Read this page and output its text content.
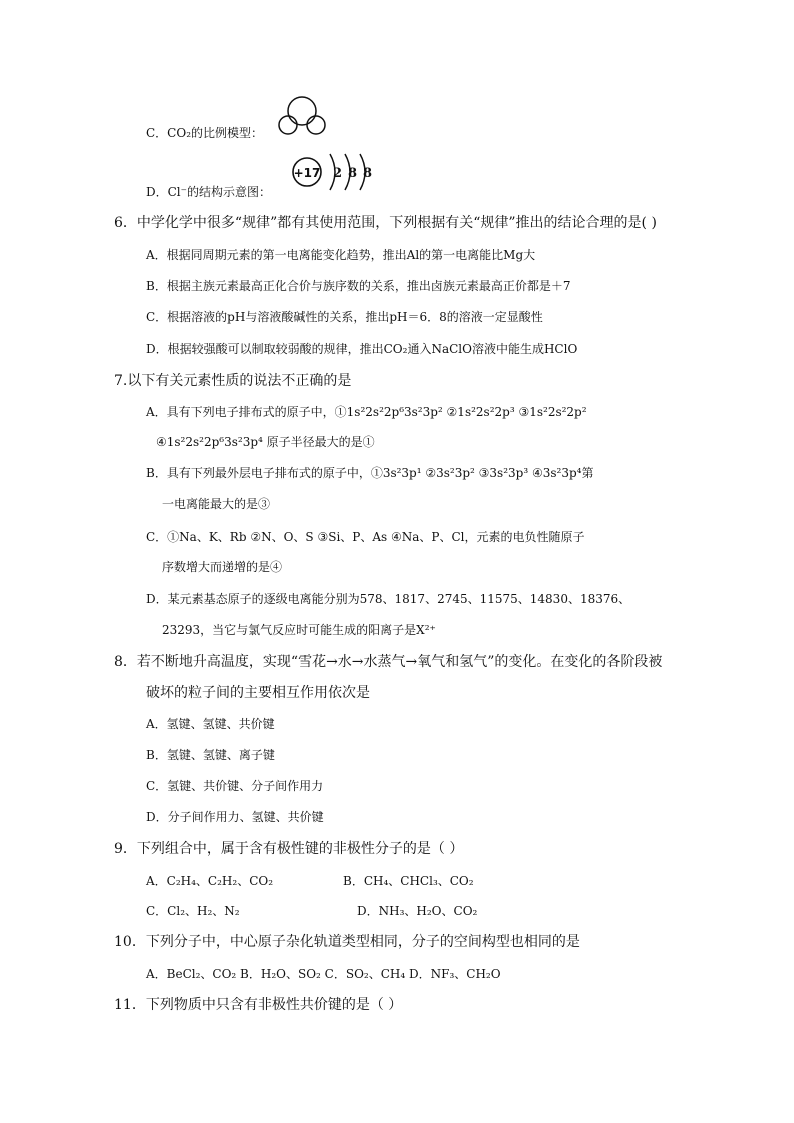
C．CO₂的比例模型：
D．Cl⁻的结构示意图：
+17 2 8 8
6．中学化学中很多“规律”都有其使用范围，下列根据有关“规律”推出的结论合理的是( )
A．根据同周期元素的第一电离能变化趋势，推出Al的第一电离能比Mg大
B．根据主族元素最高正化合价与族序数的关系，推出卤族元素最高正价都是＋7
C．根据溶液的pH与溶液酸碱性的关系，推出pH＝6．8的溶液一定显酸性
D．根据较强酸可以制取较弱酸的规律，推出CO₂通入NaClO溶液中能生成HClO
7.以下有关元素性质的说法不正确的是
A．具有下列电子排布式的原子中，①1s²2s²2p⁶3s²3p² ②1s²2s²2p³ ③1s²2s²2p²
④1s²2s²2p⁶3s²3p⁴ 原子半径最大的是①
B．具有下列最外层电子排布式的原子中，①3s²3p¹ ②3s²3p² ③3s²3p³ ④3s²3p⁴第
一电离能最大的是③
C．①Na、K、Rb ②N、O、S ③Si、P、As ④Na、P、Cl，元素的电负性随原子
序数增大而递增的是④
D．某元素基态原子的逐级电离能分别为578、1817、2745、11575、14830、18376、
23293，当它与氯气反应时可能生成的阳离子是X²⁺
8．若不断地升高温度，实现“雪花→水→水蒸气→氧气和氢气”的变化。在变化的各阶段被
破坏的粒子间的主要相互作用依次是
A．氢键、氢键、共价键
B．氢键、氢键、离子键
C．氢键、共价键、分子间作用力
D．分子间作用力、氢键、共价键
9．下列组合中，属于含有极性键的非极性分子的是（ ）
A．C₂H₄、C₂H₂、CO₂	B．CH₄、CHCl₃、CO₂
C．Cl₂、H₂、N₂	D．NH₃、H₂O、CO₂
10．下列分子中，中心原子杂化轨道类型相同，分子的空间构型也相同的是
A．BeCl₂、CO₂ B．H₂O、SO₂ C．SO₂、CH₄ D．NF₃、CH₂O
11．下列物质中只含有非极性共价键的是（ ）
